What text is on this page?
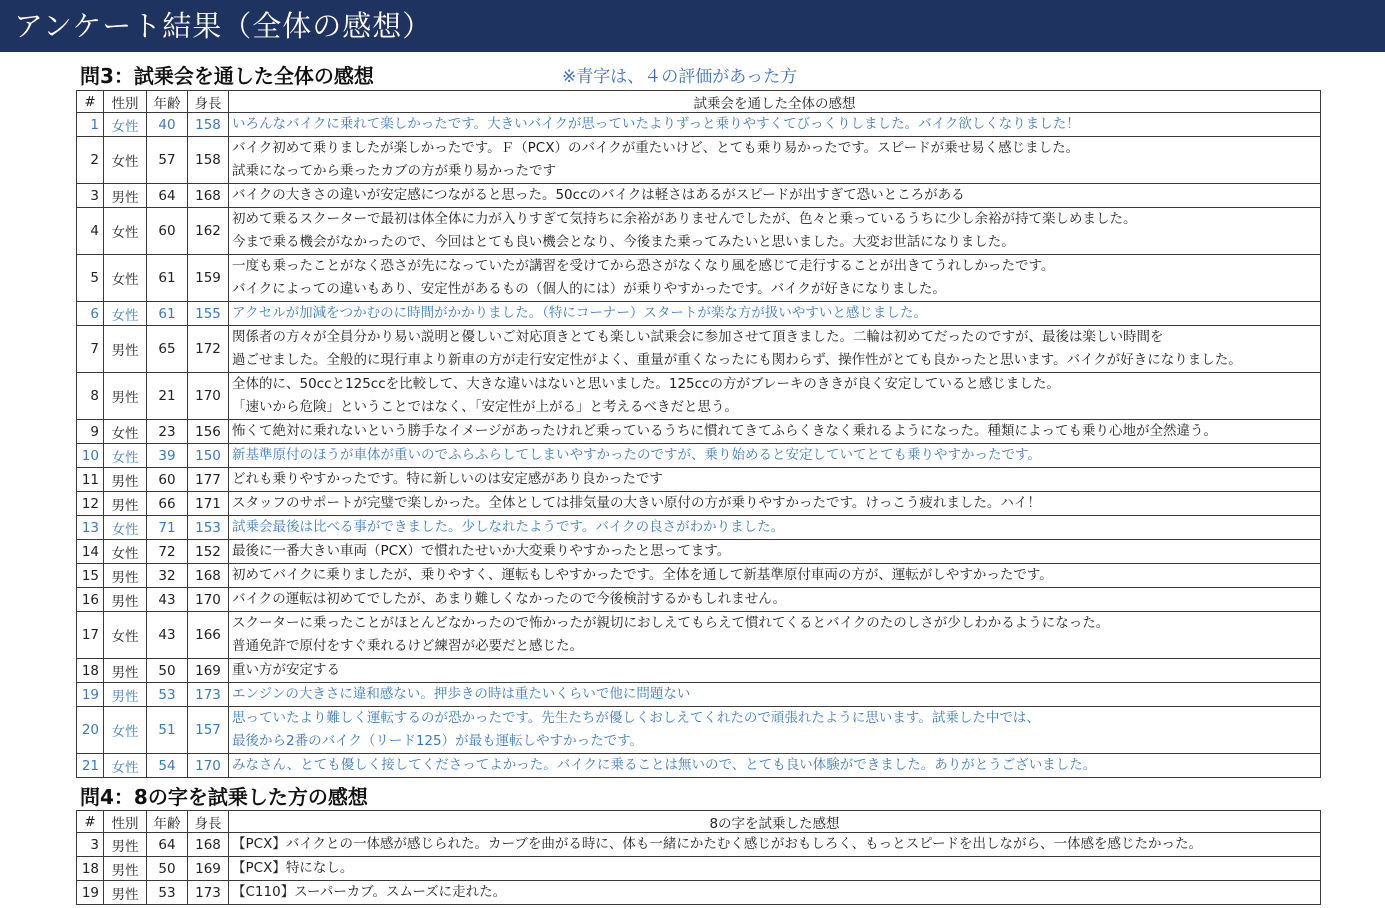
アンケート結果（全体の感想）
問3：試乗会を通した全体の感想	※青字は、４の評価があった方
#	性別	年齢	身長	試乗会を通した全体の感想
1	女性	40	158	いろんなバイクに乗れて楽しかったです。大きいバイクが思っていたよりずっと乗りやすくてびっくりしました。バイク欲しくなりました！
2	女性	57	158	バイク初めて乗りましたが楽しかったです。Ｆ（PCX）のバイクが重たいけど、とても乗り易かったです。スピードが乗せ易く感じました。
試乗になってから乗ったカブの方が乗り易かったです
3	男性	64	168	バイクの大きさの違いが安定感につながると思った。50ccのバイクは軽さはあるがスピードが出すぎて恐いところがある
4	女性	60	162	初めて乗るスクーターで最初は体全体に力が入りすぎて気持ちに余裕がありませんでしたが、色々と乗っているうちに少し余裕が持て楽しめました。
今まで乗る機会がなかったので、今回はとても良い機会となり、今後また乗ってみたいと思いました。大変お世話になりました。
5	女性	61	159	一度も乗ったことがなく恐さが先になっていたが講習を受けてから恐さがなくなり風を感じて走行することが出きてうれしかったです。
バイクによっての違いもあり、安定性があるもの（個人的には）が乗りやすかったです。バイクが好きになりました。
6	女性	61	155	アクセルが加減をつかむのに時間がかかりました。（特にコーナー）スタートが楽な方が扱いやすいと感じました。
7	男性	65	172	関係者の方々が全員分かり易い説明と優しいご対応頂きとても楽しい試乗会に参加させて頂きました。二輪は初めてだったのですが、最後は楽しい時間を
過ごせました。全般的に現行車より新車の方が走行安定性がよく、重量が重くなったにも関わらず、操作性がとても良かったと思います。バイクが好きになりました。
8	男性	21	170	全体的に、50ccと125ccを比較して、大きな違いはないと思いました。125ccの方がブレーキのききが良く安定していると感じました。
「速いから危険」ということではなく、「安定性が上がる」と考えるべきだと思う。
9	女性	23	156	怖くて絶対に乗れないという勝手なイメージがあったけれど乗っているうちに慣れてきてふらくきなく乗れるようになった。種類によっても乗り心地が全然違う。
10	女性	39	150	新基準原付のほうが車体が重いのでふらふらしてしまいやすかったのですが、乗り始めると安定していてとても乗りやすかったです。
11	男性	60	177	どれも乗りやすかったです。特に新しいのは安定感があり良かったです
12	男性	66	171	スタッフのサポートが完璧で楽しかった。全体としては排気量の大きい原付の方が乗りやすかったです。けっこう疲れました。ハイ！
13	女性	71	153	試乗会最後は比べる事ができました。少しなれたようです。バイクの良さがわかりました。
14	女性	72	152	最後に一番大きい車両（PCX）で慣れたせいか大変乗りやすかったと思ってます。
15	男性	32	168	初めてバイクに乗りましたが、乗りやすく、運転もしやすかったです。全体を通して新基準原付車両の方が、運転がしやすかったです。
16	男性	43	170	バイクの運転は初めてでしたが、あまり難しくなかったので今後検討するかもしれません。
17	女性	43	166	スクーターに乗ったことがほとんどなかったので怖かったが親切におしえてもらえて慣れてくるとバイクのたのしさが少しわかるようになった。
普通免許で原付をすぐ乗れるけど練習が必要だと感じた。
18	男性	50	169	重い方が安定する
19	男性	53	173	エンジンの大きさに違和感ない。押歩きの時は重たいくらいで他に問題ない
20	女性	51	157	思っていたより難しく運転するのが恐かったです。先生たちが優しくおしえてくれたので頑張れたように思います。試乗した中では、
最後から2番のバイク（リード125）が最も運転しやすかったです。
21	女性	54	170	みなさん、とても優しく接してくださってよかった。バイクに乗ることは無いので、とても良い体験ができました。ありがとうございました。
問4：8の字を試乗した方の感想
#	性別	年齢	身長	8の字を試乗した感想
3	男性	64	168	【PCX】バイクとの一体感が感じられた。カーブを曲がる時に、体も一緒にかたむく感じがおもしろく、もっとスピードを出しながら、一体感を感じたかった。
18	男性	50	169	【PCX】特になし。
19	男性	53	173	【C110】スーパーカブ。スムーズに走れた。
